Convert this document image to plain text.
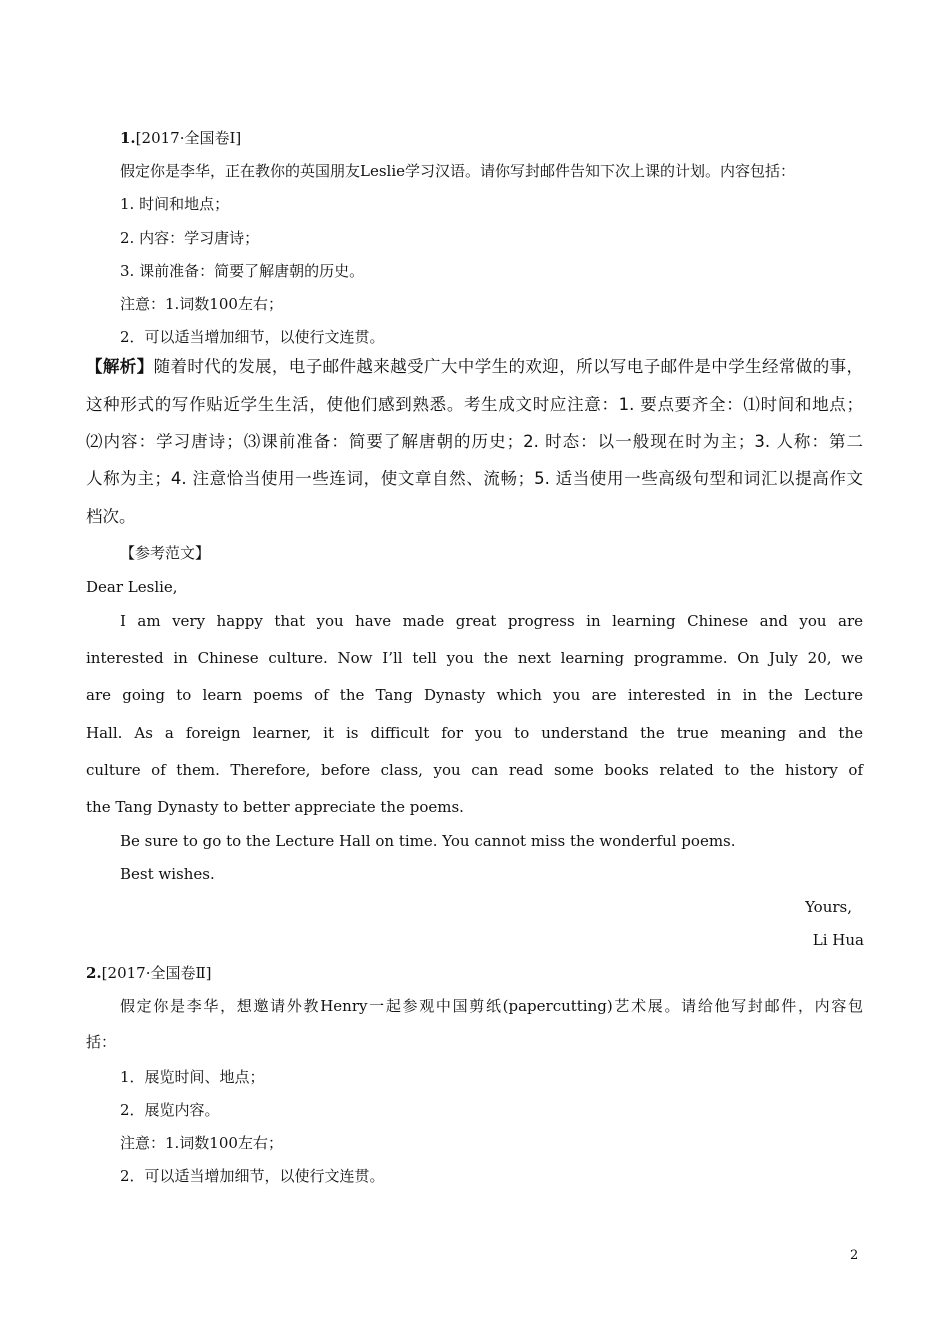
1.[2017·全国卷Ⅰ]
假定你是李华，正在教你的英国朋友Leslie学习汉语。请你写封邮件告知下次上课的计划。内容包括：
1. 时间和地点；
2. 内容：学习唐诗；
3. 课前准备：简要了解唐朝的历史。
注意：1.词数100左右；
2．可以适当增加细节，以使行文连贯。
【解析】随着时代的发展，电子邮件越来越受广大中学生的欢迎，所以写电子邮件是中学生经常做的事，
这种形式的写作贴近学生生活，使他们感到熟悉。考生成文时应注意：1. 要点要齐全：⑴时间和地点；
⑵内容：学习唐诗；⑶课前准备：简要了解唐朝的历史；2. 时态：以一般现在时为主；3. 人称：第二
人称为主；4. 注意恰当使用一些连词，使文章自然、流畅；5. 适当使用一些高级句型和词汇以提高作文
档次。
【参考范文】
Dear Leslie,
I am very happy that you have made great progress in learning Chinese and you are
interested in Chinese culture. Now I’ll tell you the next learning programme. On July 20, we
are going to learn poems of the Tang Dynasty which you are interested in in the Lecture
Hall. As a foreign learner, it is difficult for you to understand the true meaning and the
culture of them. Therefore, before class, you can read some books related to the history of
the Tang Dynasty to better appreciate the poems.
Be sure to go to the Lecture Hall on time. You cannot miss the wonderful poems.
Best wishes.
Yours,
Li Hua
2.[2017·全国卷Ⅱ]
假定你是李华，想邀请外教Henry一起参观中国剪纸(papercutting)艺术展。请给他写封邮件，内容包
括：
1．展览时间、地点；
2．展览内容。
注意：1.词数100左右；
2．可以适当增加细节，以使行文连贯。
2
